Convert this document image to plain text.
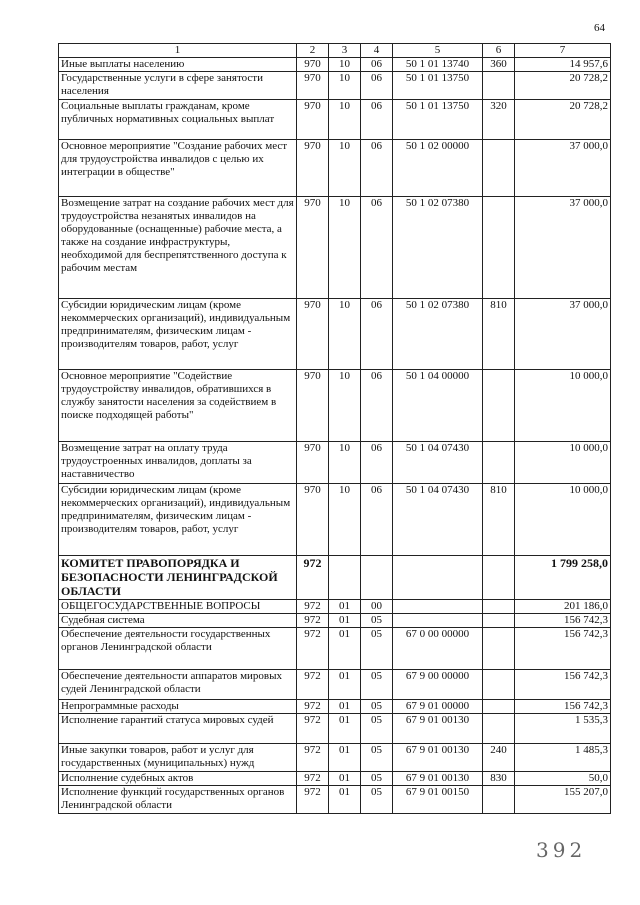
64
1	2	3	4	5	6	7
Иные выплаты населению	970	10	06	50 1 01 13740	360	14 957,6
Государственные услуги в сфере занятости населения	970	10	06	50 1 01 13750		20 728,2
Социальные выплаты гражданам, кроме публичных нормативных социальных выплат	970	10	06	50 1 01 13750	320	20 728,2
Основное мероприятие "Создание рабочих мест для трудоустройства инвалидов с целью их интеграции в обществе"	970	10	06	50 1 02 00000		37 000,0
Возмещение затрат на создание рабочих мест для трудоустройства незанятых инвалидов на оборудованные (оснащенные) рабочие места, а также на создание инфраструктуры, необходимой для беспрепятственного доступа к рабочим местам	970	10	06	50 1 02 07380		37 000,0
Субсидии юридическим лицам (кроме некоммерческих организаций), индивидуальным предпринимателям, физическим лицам - производителям товаров, работ, услуг	970	10	06	50 1 02 07380	810	37 000,0
Основное мероприятие "Содействие трудоустройству инвалидов, обратившихся в службу занятости населения за содействием в поиске подходящей работы"	970	10	06	50 1 04 00000		10 000,0
Возмещение затрат на оплату труда трудоустроенных инвалидов, доплаты за наставничество	970	10	06	50 1 04 07430		10 000,0
Субсидии юридическим лицам (кроме некоммерческих организаций), индивидуальным предпринимателям, физическим лицам - производителям товаров, работ, услуг	970	10	06	50 1 04 07430	810	10 000,0
КОМИТЕТ ПРАВОПОРЯДКА И БЕЗОПАСНОСТИ ЛЕНИНГРАДСКОЙ ОБЛАСТИ	972					1 799 258,0
ОБЩЕГОСУДАРСТВЕННЫЕ ВОПРОСЫ	972	01	00			201 186,0
Судебная система	972	01	05			156 742,3
Обеспечение деятельности государственных органов Ленинградской области	972	01	05	67 0 00 00000		156 742,3
Обеспечение деятельности аппаратов мировых судей Ленинградской области	972	01	05	67 9 00 00000		156 742,3
Непрограммные расходы	972	01	05	67 9 01 00000		156 742,3
Исполнение гарантий статуса мировых судей	972	01	05	67 9 01 00130		1 535,3
Иные закупки товаров, работ и услуг для государственных (муниципальных) нужд	972	01	05	67 9 01 00130	240	1 485,3
Исполнение судебных актов	972	01	05	67 9 01 00130	830	50,0
Исполнение функций государственных органов Ленинградской области	972	01	05	67 9 01 00150		155 207,0
392
